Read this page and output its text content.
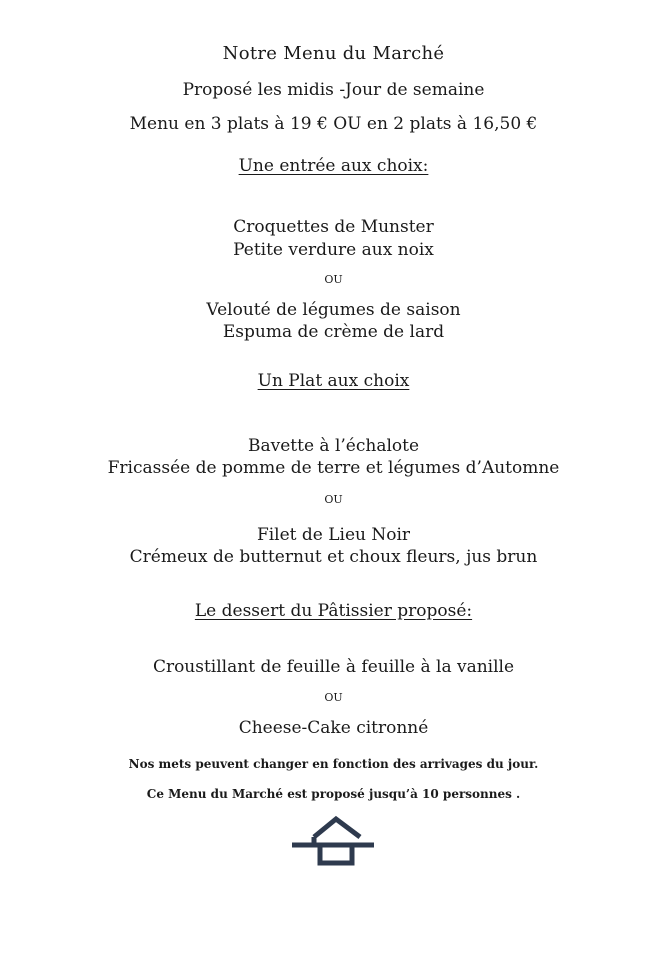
Notre Menu du Marché
Proposé les midis -Jour de semaine
Menu en 3 plats à 19 € OU en 2 plats à 16,50 €
Une entrée aux choix:
Croquettes de Munster
Petite verdure aux noix
OU
Velouté de légumes de saison
Espuma de crème de lard
Un Plat aux choix
Bavette à l’échalote
Fricassée de pomme de terre et légumes d’Automne
OU
Filet de Lieu Noir
Crémeux de butternut et choux fleurs, jus brun
Le dessert du Pâtissier proposé:
Croustillant de feuille à feuille à la vanille
OU
Cheese-Cake citronné
Nos mets peuvent changer en fonction des arrivages du jour.
Ce Menu du Marché est proposé jusqu’à 10 personnes .
